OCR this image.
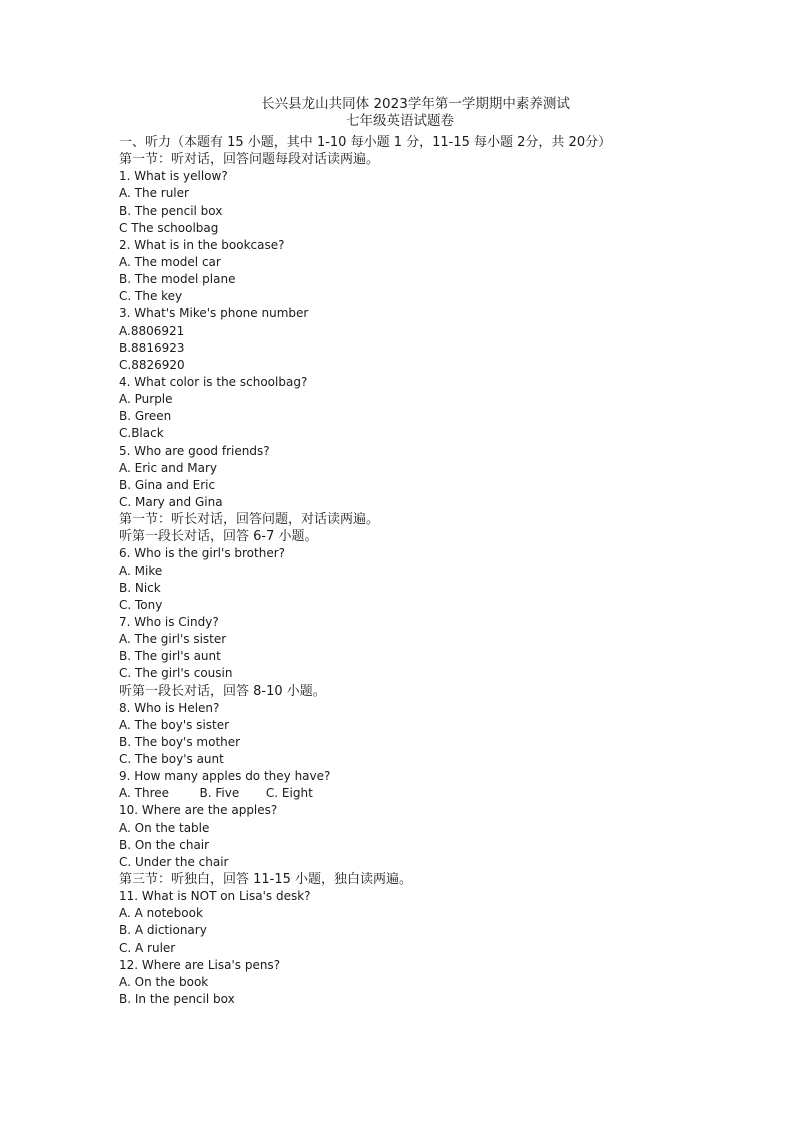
长兴县龙山共同体 2023学年第一学期期中素养测试
七年级英语试题卷
一、听力（本题有 15 小题，其中 1-10 每小题 1 分，11-15 每小题 2分，共 20分）
第一节：听对话，回答问题每段对话读两遍。
1. What is yellow?
A. The ruler
B. The pencil box
C The schoolbag
2. What is in the bookcase?
A. The model car
B. The model plane
C. The key
3. What's Mike's phone number
A.8806921
B.8816923
C.8826920
4. What color is the schoolbag?
A. Purple
B. Green
C.Black
5. Who are good friends?
A. Eric and Mary
B. Gina and Eric
C. Mary and Gina
第一节：听长对话，回答问题，对话读两遍。
听第一段长对话，回答 6-7 小题。
6. Who is the girl's brother?
A. Mike
B. Nick
C. Tony
7. Who is Cindy?
A. The girl's sister
B. The girl's aunt
C. The girl's cousin
听第一段长对话，回答 8-10 小题。
8. Who is Helen?
A. The boy's sister
B. The boy's mother
C. The boy's aunt
9. How many apples do they have?
A. Three        B. Five       C. Eight
10. Where are the apples?
A. On the table
B. On the chair
C. Under the chair
第三节：听独白，回答 11-15 小题，独白读两遍。
11. What is NOT on Lisa's desk?
A. A notebook
B. A dictionary
C. A ruler
12. Where are Lisa's pens?
A. On the book
B. In the pencil box
